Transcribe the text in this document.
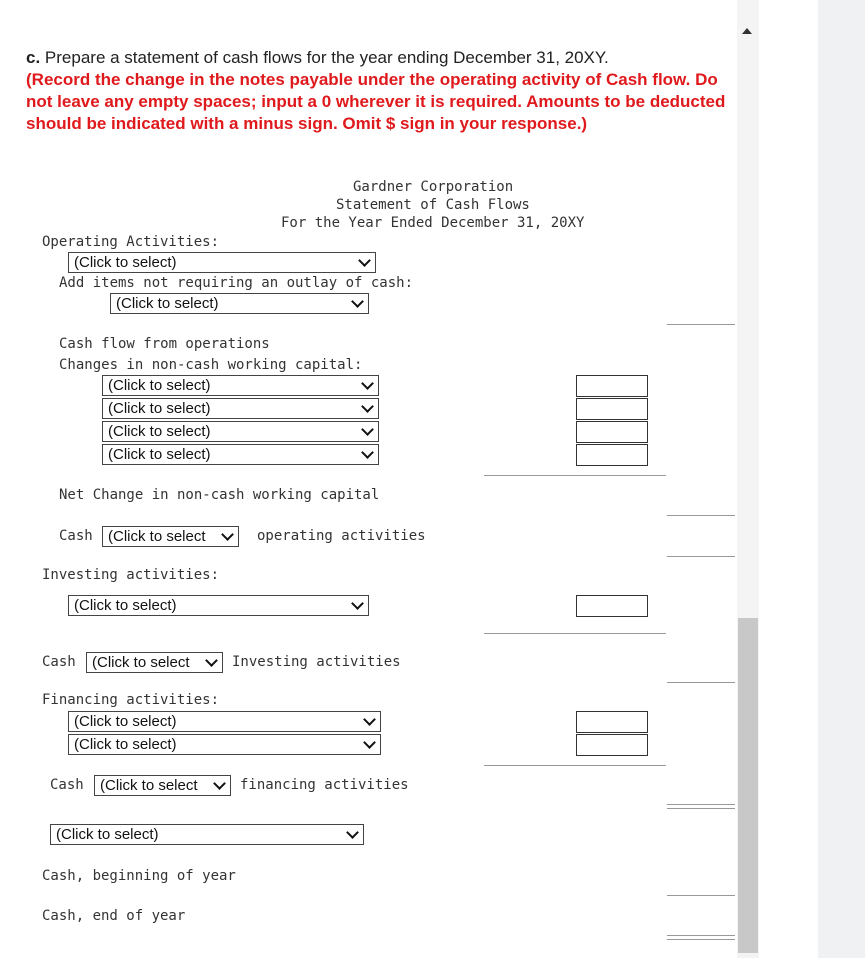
c. Prepare a statement of cash flows for the year ending December 31, 20XY.
(Record the change in the notes payable under the operating activity of Cash flow. Do not leave any empty spaces; input a 0 wherever it is required. Amounts to be deducted should be indicated with a minus sign. Omit $ sign in your response.)
Gardner Corporation
Statement of Cash Flows
For the Year Ended December 31, 20XY
Operating Activities:
(Click to select)
Add items not requiring an outlay of cash:
(Click to select)
Cash flow from operations
Changes in non-cash working capital:
(Click to select)
(Click to select)
(Click to select)
(Click to select)
Net Change in non-cash working capital
Cash	(Click to select	operating activities
Investing activities:
(Click to select)
Cash	(Click to select	Investing activities
Financing activities:
(Click to select)
(Click to select)
Cash	(Click to select	financing activities
(Click to select)
Cash, beginning of year
Cash, end of year
